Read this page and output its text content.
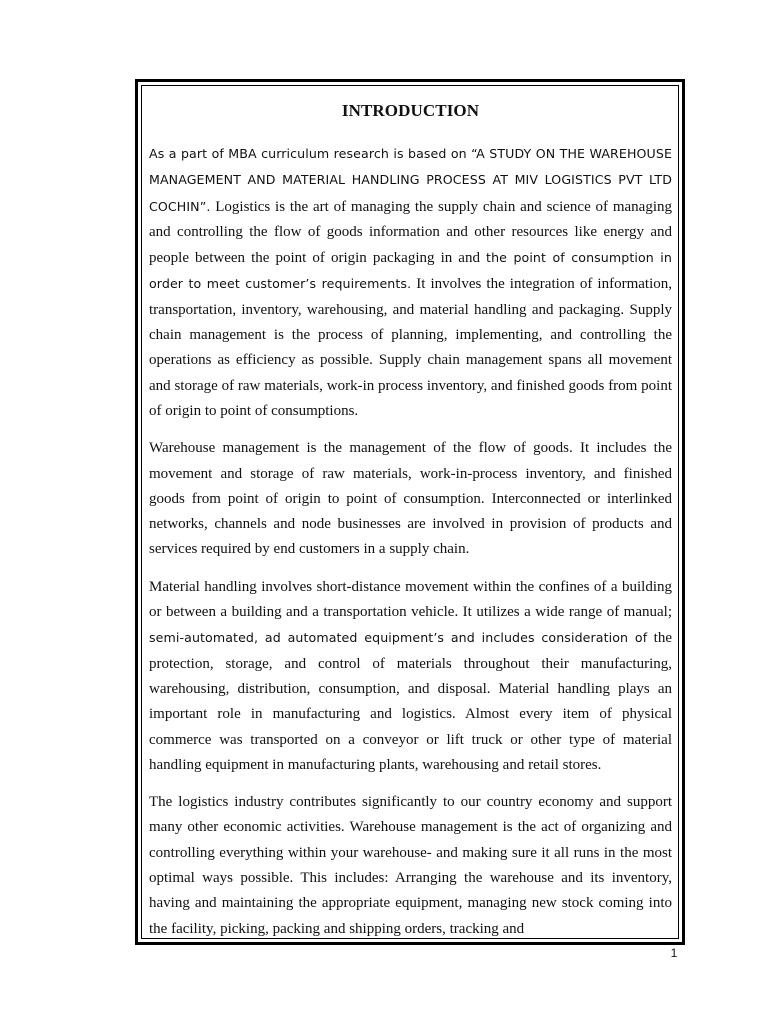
INTRODUCTION

As a part of MBA curriculum research is based on “A STUDY ON THE WAREHOUSE MANAGEMENT AND MATERIAL HANDLING PROCESS AT MIV LOGISTICS PVT LTD COCHIN”. Logistics is the art of managing the supply chain and science of managing and controlling the flow of goods information and other resources like energy and people between the point of origin packaging in and the point of consumption in order to meet customer’s requirements. It involves the integration of information, transportation, inventory, warehousing, and material handling and packaging. Supply chain management is the process of planning, implementing, and controlling the operations as efficiency as possible. Supply chain management spans all movement and storage of raw materials, work-in process inventory, and finished goods from point of origin to point of consumptions.

Warehouse management is the management of the flow of goods. It includes the movement and storage of raw materials, work-in-process inventory, and finished goods from point of origin to point of consumption. Interconnected or interlinked networks, channels and node businesses are involved in provision of products and services required by end customers in a supply chain.

Material handling involves short-distance movement within the confines of a building or between a building and a transportation vehicle. It utilizes a wide range of manual; semi-automated, ad automated equipment’s and includes consideration of the protection, storage, and control of materials throughout their manufacturing, warehousing, distribution, consumption, and disposal. Material handling plays an important role in manufacturing and logistics. Almost every item of physical commerce was transported on a conveyor or lift truck or other type of material handling equipment in manufacturing plants, warehousing and retail stores.

The logistics industry contributes significantly to our country economy and support many other economic activities. Warehouse management is the act of organizing and controlling everything within your warehouse- and making sure it all runs in the most optimal ways possible. This includes: Arranging the warehouse and its inventory, having and maintaining the appropriate equipment, managing new stock coming into the facility, picking, packing and shipping orders, tracking and

1
